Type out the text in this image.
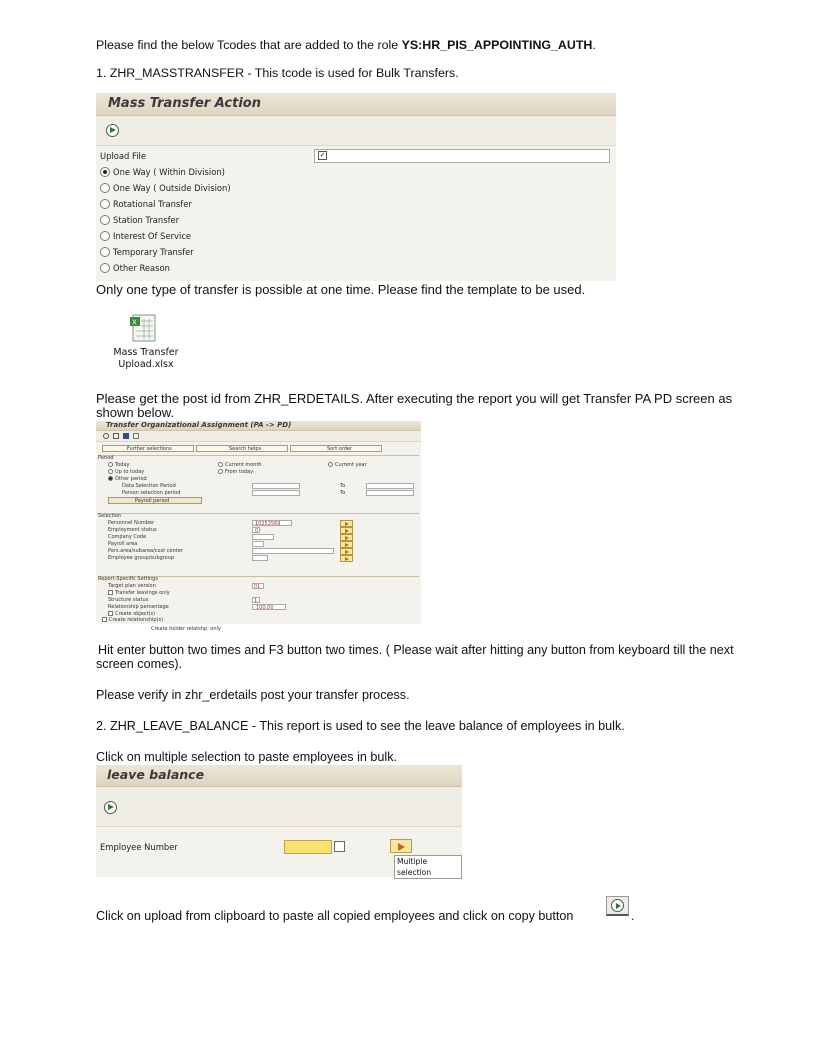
Please find the below Tcodes that are added to the role YS:HR_PIS_APPOINTING_AUTH.
1. ZHR_MASSTRANSFER - This tcode is used for Bulk Transfers.
Mass Transfer Action
Upload File	✓
One Way ( Within Division)
One Way ( Outside Division)
Rotational Transfer
Station Transfer
Interest Of Service
Temporary Transfer
Other Reason
Only one type of transfer is possible at one time. Please find the template to be used.
X
Mass Transfer
Upload.xlsx
Please get the post id from ZHR_ERDETAILS. After executing the report you will get Transfer PA PD screen as
shown below.
Transfer Organizational Assignment (PA -> PD)
Further selections	Search helps	Sort order
Period
Today	Current month	Current year
Up to today	From today
Other period
Data Selection Period	To
Person selection period	To
Payroll period
Selection
Personnel Number	10252569
Employment status	0
Company Code
Payroll area
Pers.area/subarea/cost center
Employee group/subgroup
Report-Specific Settings
Target plan version	01
Transfer leavings only
Structure status	1
Relationship percentage	100.00
Create object(s)
Create relationship(s)
Create holder relatshp. only
Hit enter button two times and F3 button two times. ( Please wait after hitting any button from keyboard till the next
screen comes).
Please verify in zhr_erdetails post your transfer process.
2. ZHR_LEAVE_BALANCE - This report is used to see the leave balance of employees in bulk.
Click on multiple selection to paste employees in bulk.
leave balance
Employee Number
Multiple selection
Click on upload from clipboard to paste all copied employees and click on copy button	.
